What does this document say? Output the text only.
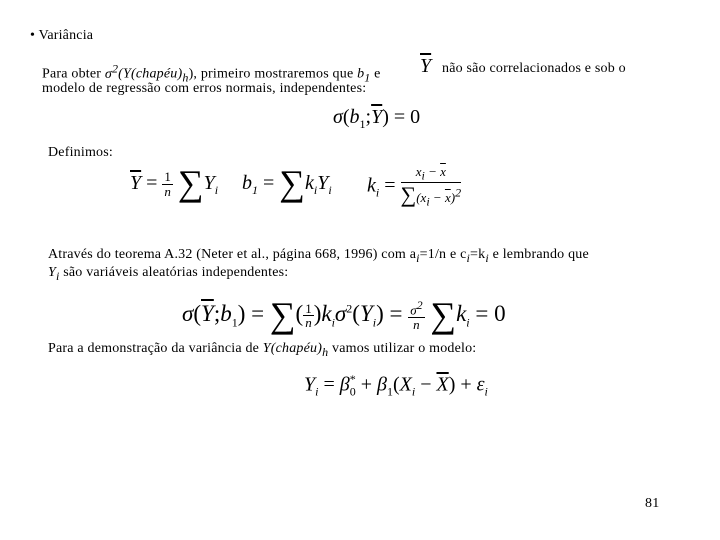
• Variância
Para obter $\sigma^2(Y(chapéu)_h)$, primeiro mostraremos que $b_1$ e $\overline{Y}$ não são correlacionados e sob o
modelo de regressão com erros normais, independentes:
$\sigma(b_1;\overline{Y}) = 0$
Definimos:
$\overline{Y} = \frac{1}{n} \sum Y_i$ $b_1 = \sum k_iY_i$ $k_i = \frac{x_i - \overline{x}}{\sum(x_i - \overline{x})^2}$
Através do teorema A.32 (Neter et al., página 668, 1996) com $a_i=1/n$ e $c_i=k_i$ e lembrando que
$Y_i$ são variáveis aleatórias independentes:
$\sigma(\overline{Y};b_1)$ = ∑( $\frac{1}{n} )k_i\sigma^2(Y_i) = \frac{\sigma^2}{n} \sum k_i = 0$
Para a demonstração da variância de $Y(chapéu)_h$ vamos utilizar o modelo:
$Y_i = \beta_0^* + \beta_1(X_i - \overline{X}) + \varepsilon_i$
81
